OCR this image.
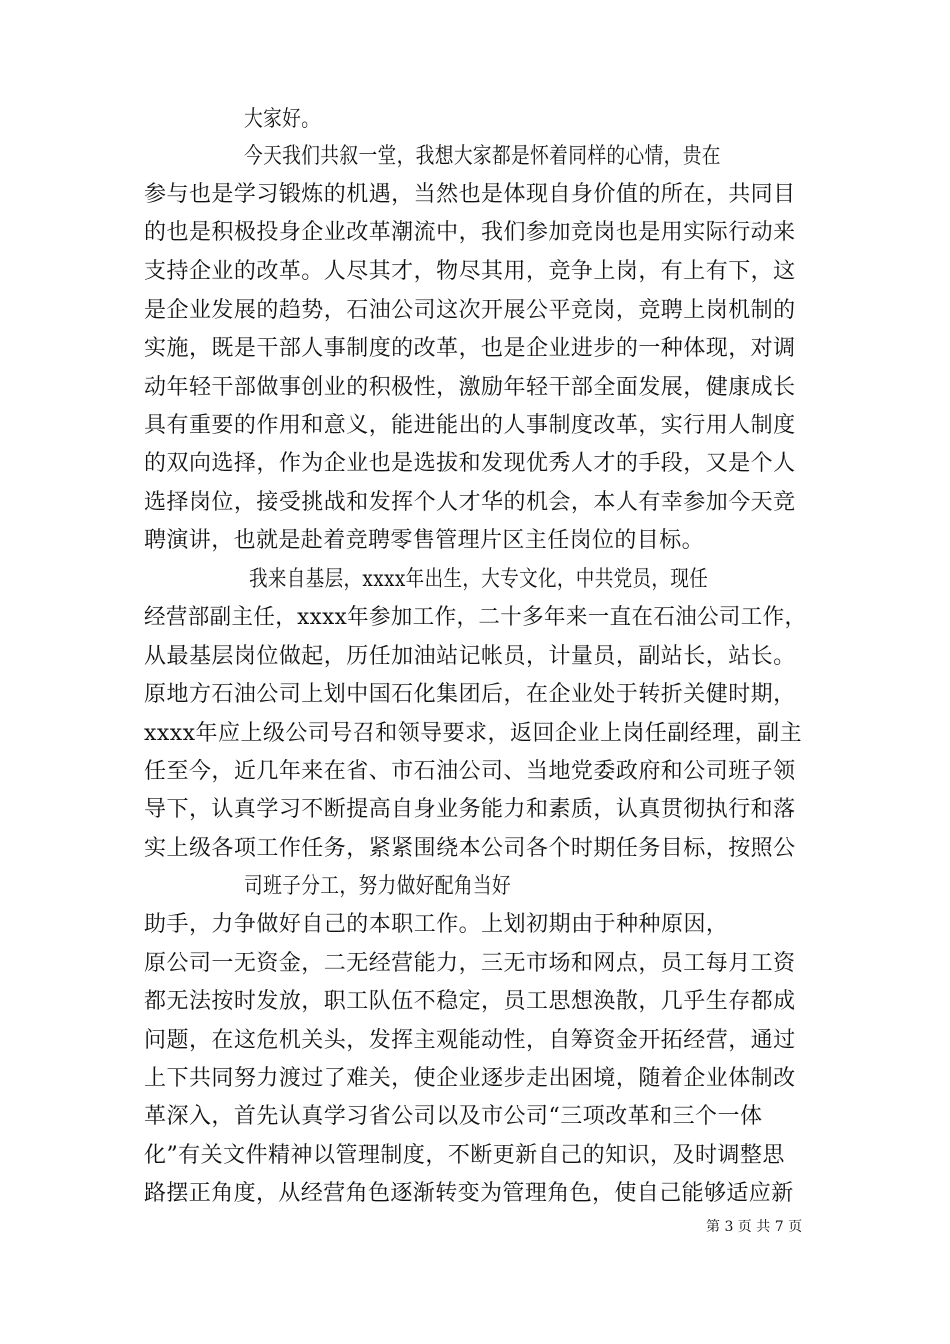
大家好。
今天我们共叙一堂，我想大家都是怀着同样的心情，贵在
参与也是学习锻炼的机遇，当然也是体现自身价值的所在，共同目
的也是积极投身企业改革潮流中，我们参加竞岗也是用实际行动来
支持企业的改革。人尽其才，物尽其用，竞争上岗，有上有下，这
是企业发展的趋势，石油公司这次开展公平竞岗，竞聘上岗机制的
实施，既是干部人事制度的改革，也是企业进步的一种体现，对调
动年轻干部做事创业的积极性，激励年轻干部全面发展，健康成长
具有重要的作用和意义，能进能出的人事制度改革，实行用人制度
的双向选择，作为企业也是选拔和发现优秀人才的手段，又是个人
选择岗位，接受挑战和发挥个人才华的机会，本人有幸参加今天竞
聘演讲，也就是赴着竞聘零售管理片区主任岗位的目标。
我来自基层，xxxx年出生，大专文化，中共党员，现任
经营部副主任，xxxx年参加工作，二十多年来一直在石油公司工作，
从最基层岗位做起，历任加油站记帐员，计量员，副站长，站长。
原地方石油公司上划中国石化集团后，在企业处于转折关健时期，
xxxx年应上级公司号召和领导要求，返回企业上岗任副经理，副主
任至今，近几年来在省、市石油公司、当地党委政府和公司班子领
导下，认真学习不断提高自身业务能力和素质，认真贯彻执行和落
实上级各项工作任务，紧紧围绕本公司各个时期任务目标，按照公
司班子分工，努力做好配角当好
助手，力争做好自己的本职工作。上划初期由于种种原因，
原公司一无资金，二无经营能力，三无市场和网点，员工每月工资
都无法按时发放，职工队伍不稳定，员工思想涣散，几乎生存都成
问题，在这危机关头，发挥主观能动性，自筹资金开拓经营，通过
上下共同努力渡过了难关，使企业逐步走出困境，随着企业体制改
革深入，首先认真学习省公司以及市公司“三项改革和三个一体
化”有关文件精神以管理制度，不断更新自己的知识，及时调整思
路摆正角度，从经营角色逐渐转变为管理角色，使自己能够适应新
第 3 页 共 7 页
